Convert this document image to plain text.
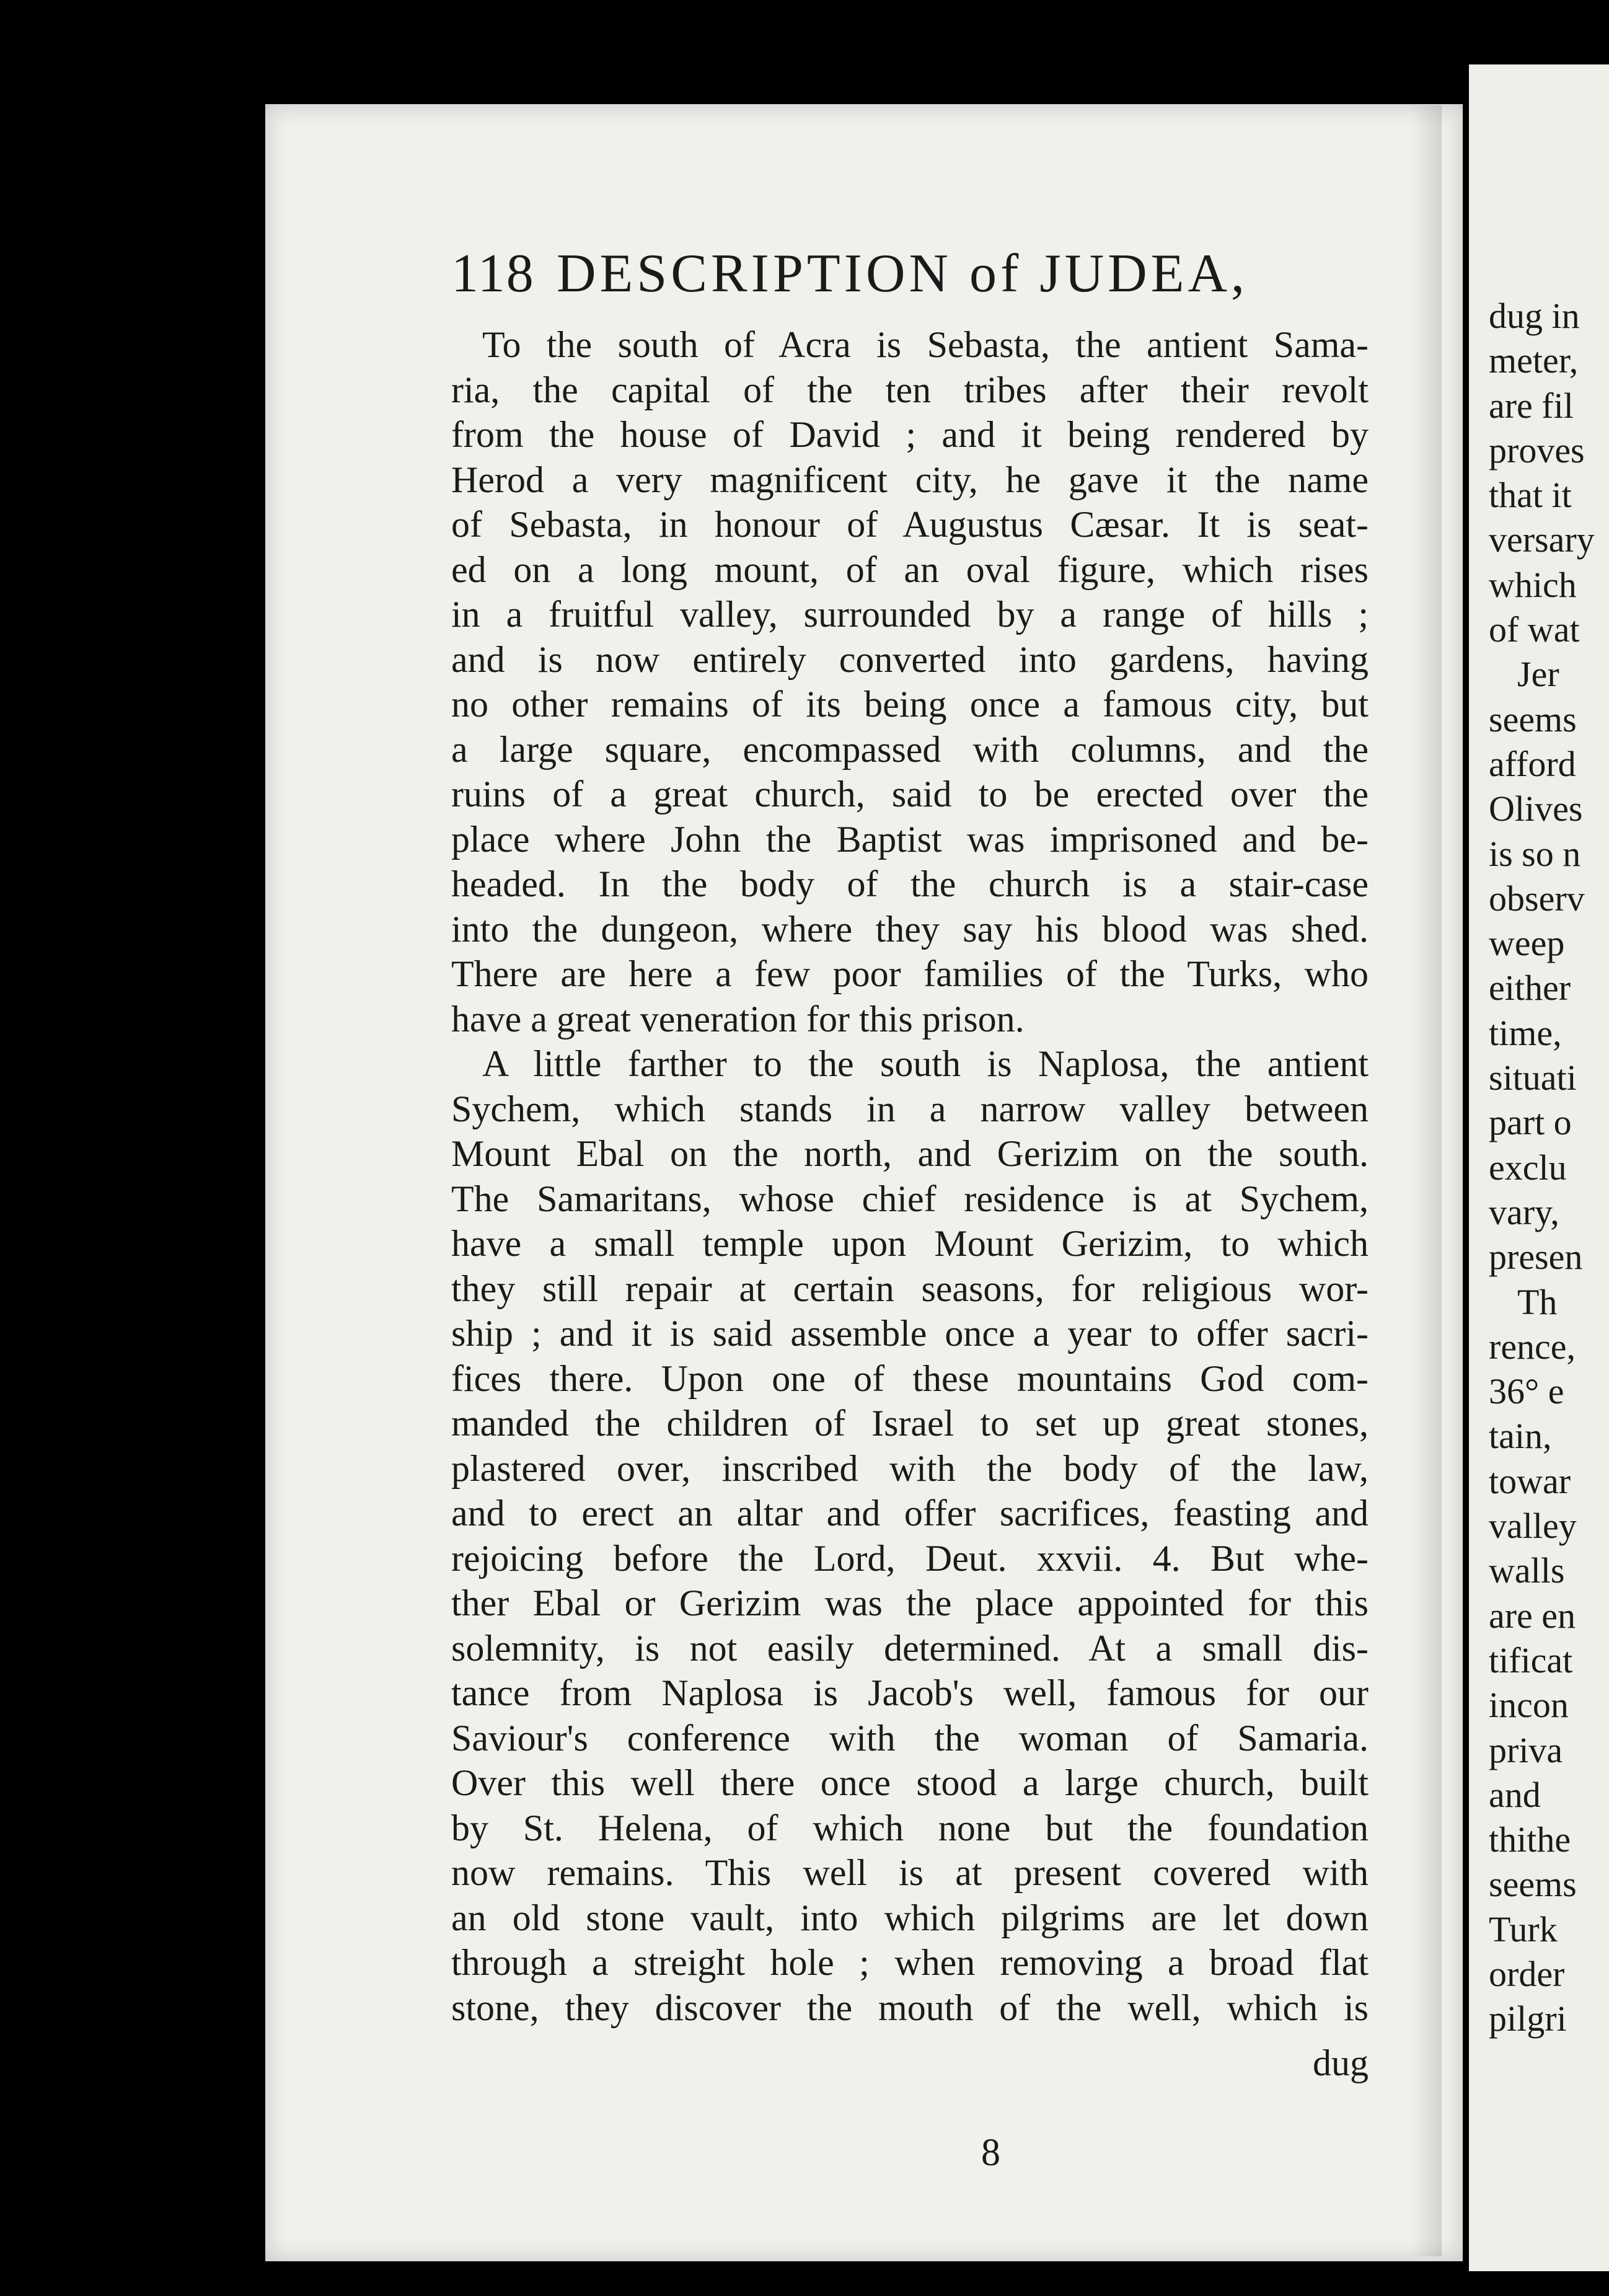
118 DESCRIPTION of JUDEA,
To the south of Acra is Sebasta, the antient Sama-
ria, the capital of the ten tribes after their revolt
from the house of David ; and it being rendered by
Herod a very magnificent city, he gave it the name
of Sebasta, in honour of Augustus Cæsar. It is seat-
ed on a long mount, of an oval figure, which rises
in a fruitful valley, surrounded by a range of hills ;
and is now entirely converted into gardens, having
no other remains of its being once a famous city, but
a large square, encompassed with columns, and the
ruins of a great church, said to be erected over the
place where John the Baptist was imprisoned and be-
headed. In the body of the church is a stair-case
into the dungeon, where they say his blood was shed.
There are here a few poor families of the Turks, who
have a great veneration for this prison.
A little farther to the south is Naplosa, the antient
Sychem, which stands in a narrow valley between
Mount Ebal on the north, and Gerizim on the south.
The Samaritans, whose chief residence is at Sychem,
have a small temple upon Mount Gerizim, to which
they still repair at certain seasons, for religious wor-
ship ; and it is said assemble once a year to offer sacri-
fices there. Upon one of these mountains God com-
manded the children of Israel to set up great stones,
plastered over, inscribed with the body of the law,
and to erect an altar and offer sacrifices, feasting and
rejoicing before the Lord, Deut. xxvii. 4. But whe-
ther Ebal or Gerizim was the place appointed for this
solemnity, is not easily determined. At a small dis-
tance from Naplosa is Jacob's well, famous for our
Saviour's conference with the woman of Samaria.
Over this well there once stood a large church, built
by St. Helena, of which none but the foundation
now remains. This well is at present covered with
an old stone vault, into which pilgrims are let down
through a streight hole ; when removing a broad flat
stone, they discover the mouth of the well, which is
dug
8
dug in
meter,
are fil
proves
that it
versary
which
of wat
Jer
seems
afford
Olives
is so n
observ
weep
either
time,
situati
part o
exclu
vary,
presen
Th
rence,
36° e
tain,
towar
valley
walls
are en
tificat
incon
priva
and
thithe
seems
Turk
order
pilgri
